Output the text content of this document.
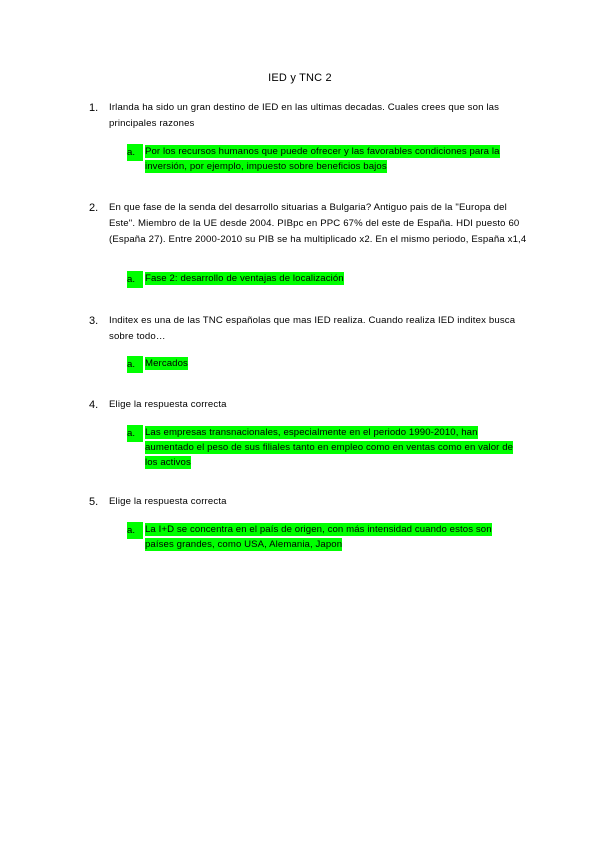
IED y TNC 2
1. Irlanda ha sido un gran destino de IED en las ultimas decadas. Cuales crees que son las principales razones
a.	Por los recursos humanos que puede ofrecer y las favorables condiciones para la inversión, por ejemplo, impuesto sobre beneficios bajos
2. En que fase de la senda del desarrollo situarias a Bulgaria? Antiguo pais de la "Europa del Este". Miembro de la UE desde 2004. PIBpc en PPC 67% del este de España. HDI puesto 60 (España 27). Entre 2000-2010 su PIB se ha multiplicado x2. En el mismo periodo, España x1,4
a.	Fase 2: desarrollo de ventajas de localización
3. Inditex es una de las TNC españolas que mas IED realiza. Cuando realiza IED inditex busca sobre todo…
a.	Mercados
4. Elige la respuesta correcta
a.	Las empresas transnacionales, especialmente en el periodo 1990-2010, han aumentado el peso de sus filiales tanto en empleo como en ventas como en valor de los activos
5. Elige la respuesta correcta
a.	La I+D se concentra en el país de origen, con más intensidad cuando estos son países grandes, como USA, Alemania, Japon
